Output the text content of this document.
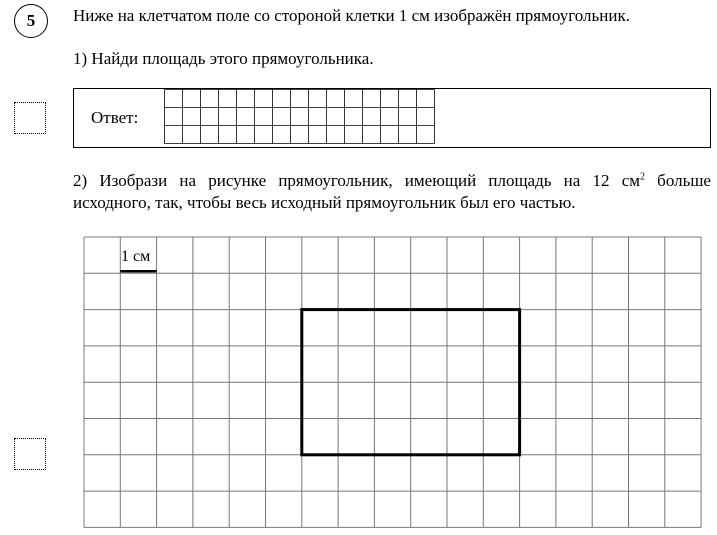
5 Ниже на клетчатом поле со стороной клетки 1 см изображён прямоугольник.
1) Найди площадь этого прямоугольника.
Ответ:
2) Изобрази на рисунке прямоугольник, имеющий площадь на 12 $см^2$ больше исходного, так, чтобы весь исходный прямоугольник был его частью.
1 см
